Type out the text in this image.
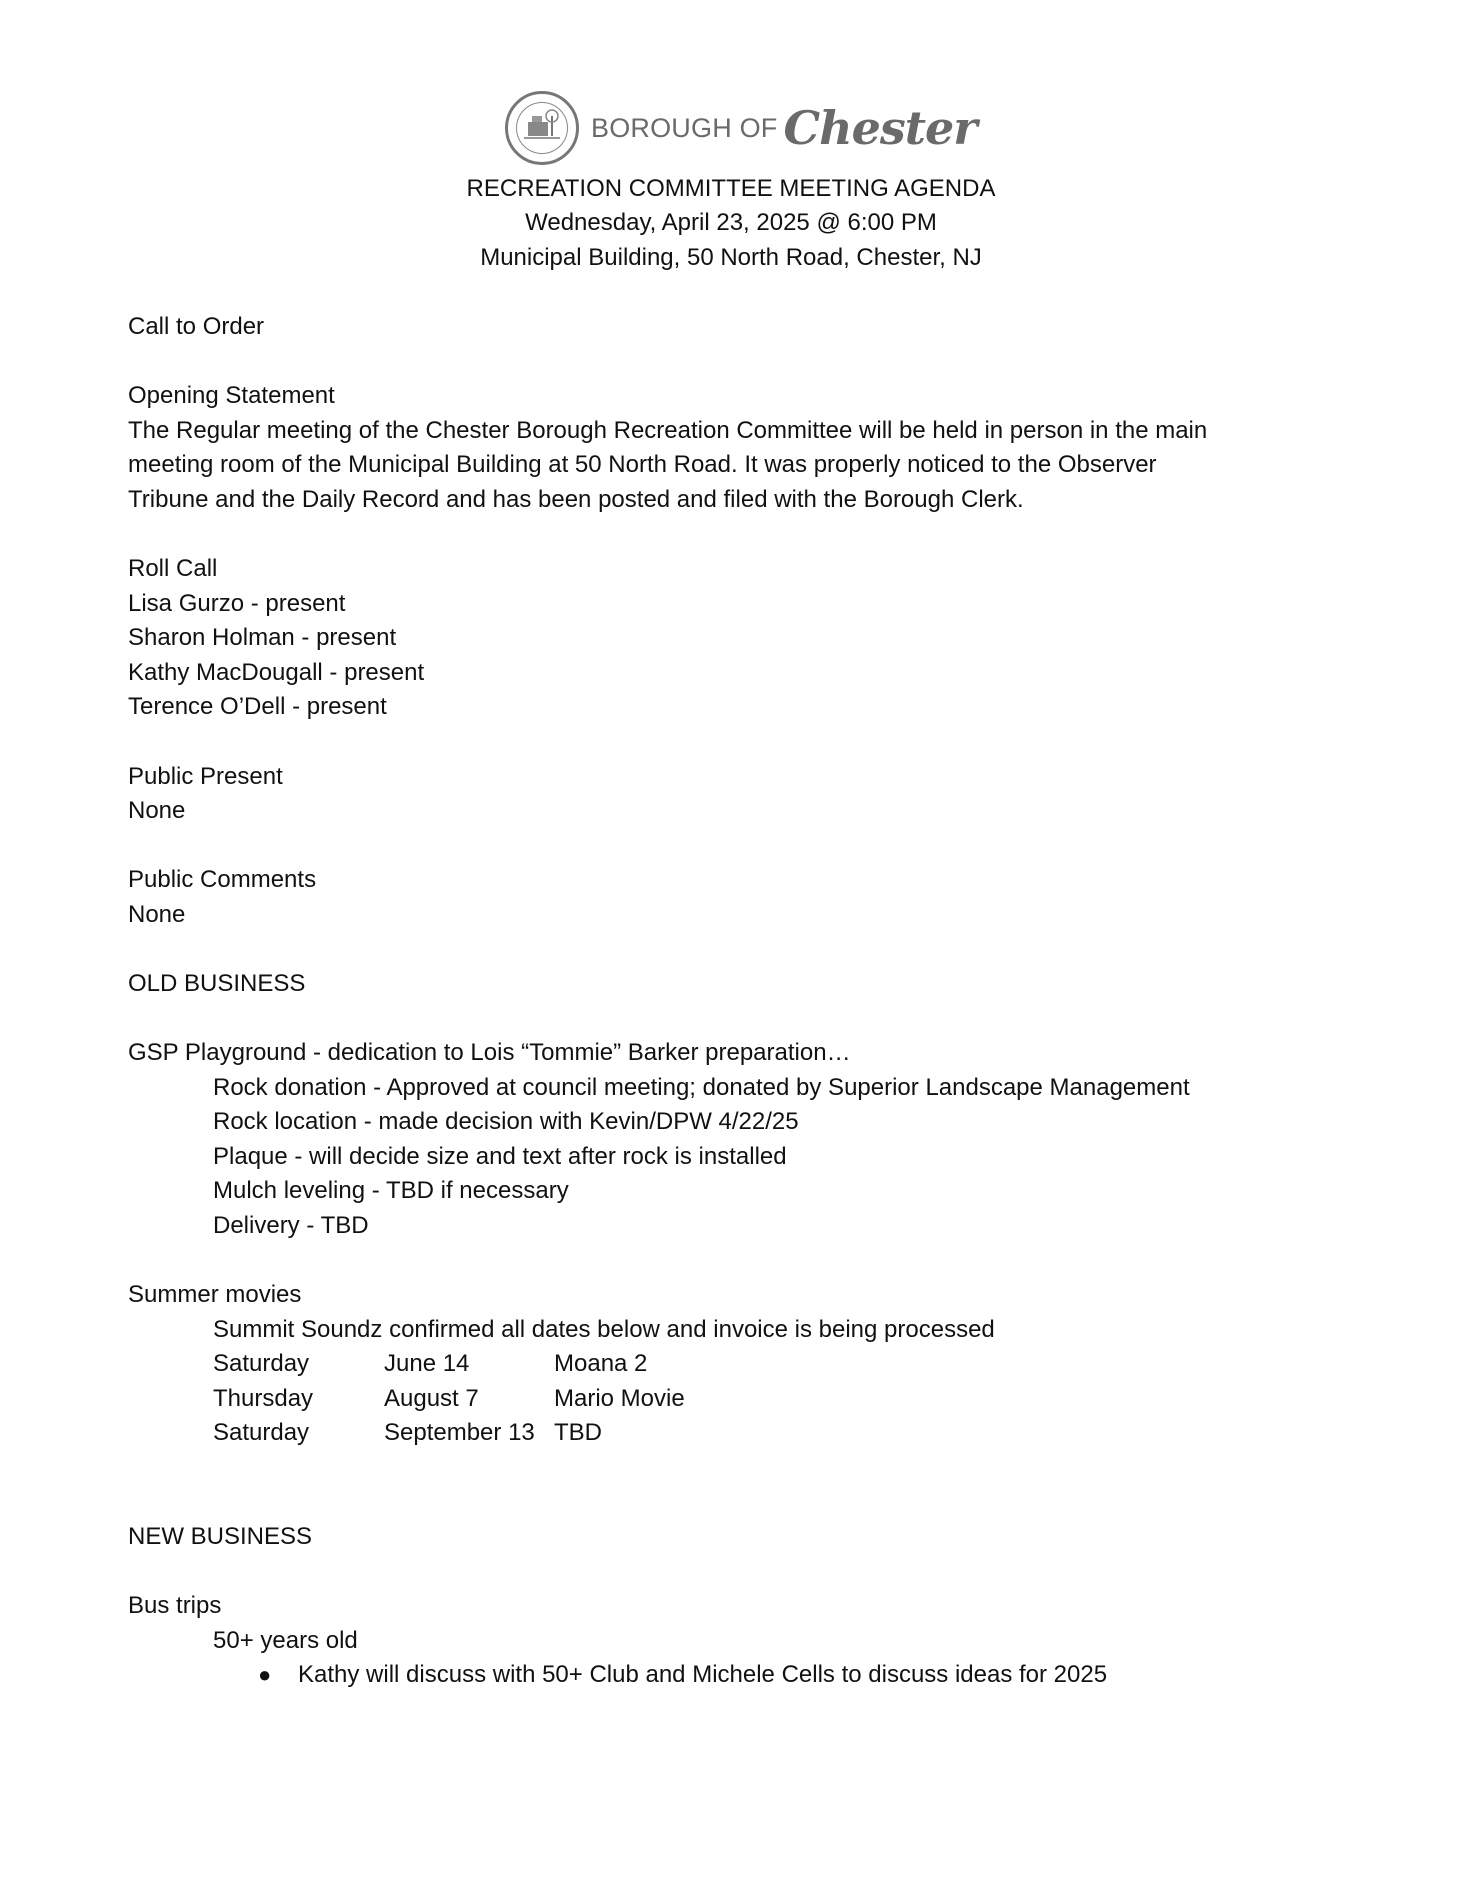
BOROUGH OF Chester
RECREATION COMMITTEE MEETING AGENDA
Wednesday, April 23, 2025 @ 6:00 PM
Municipal Building, 50 North Road, Chester, NJ
Call to Order
Opening Statement
The Regular meeting of the Chester Borough Recreation Committee will be held in person in the main
meeting room of the Municipal Building at 50 North Road. It was properly noticed to the Observer
Tribune and the Daily Record and has been posted and filed with the Borough Clerk.
Roll Call
Lisa Gurzo - present
Sharon Holman - present
Kathy MacDougall - present
Terence O’Dell - present
Public Present
None
Public Comments
None
OLD BUSINESS
GSP Playground - dedication to Lois “Tommie” Barker preparation…
Rock donation - Approved at council meeting; donated by Superior Landscape Management
Rock location - made decision with Kevin/DPW 4/22/25
Plaque - will decide size and text after rock is installed
Mulch leveling - TBD if necessary
Delivery - TBD
Summer movies
Summit Soundz confirmed all dates below and invoice is being processed
Saturday	June 14	Moana 2
Thursday	August 7	Mario Movie
Saturday	September 13 TBD
NEW BUSINESS
Bus trips
50+ years old
● Kathy will discuss with 50+ Club and Michele Cells to discuss ideas for 2025
